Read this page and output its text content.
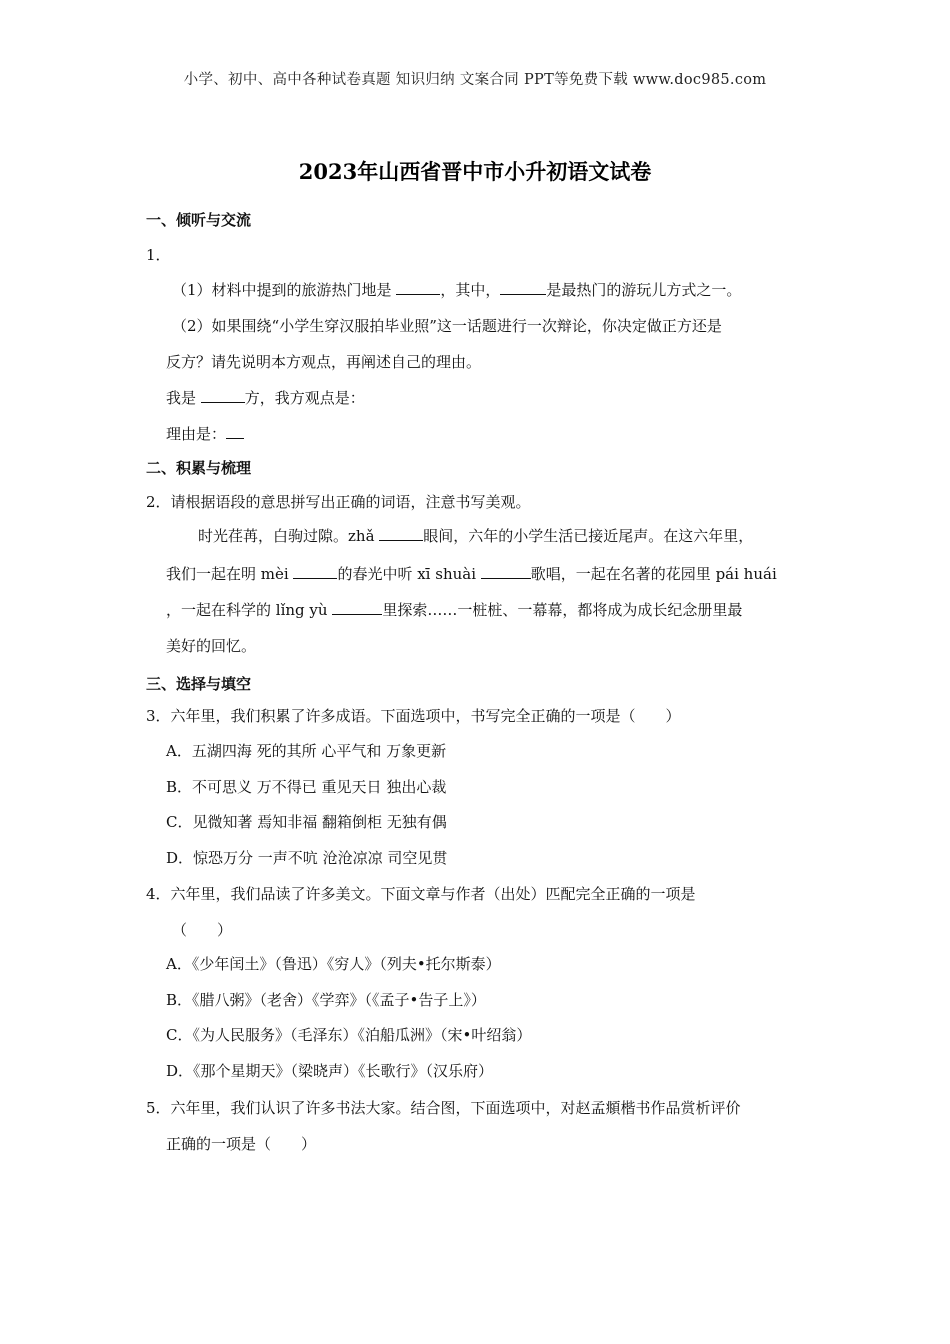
小学、初中、高中各种试卷真题 知识归纳 文案合同 PPT等免费下载 www.doc985.com
2023年山西省晋中市小升初语文试卷
一、倾听与交流
1．
（1）材料中提到的旅游热门地是	，其中，	是最热门的游玩儿方式之一。
（2）如果围绕“小学生穿汉服拍毕业照”这一话题进行一次辩论，你决定做正方还是
反方？请先说明本方观点，再阐述自己的理由。
我是	方，我方观点是：
理由是：
二、积累与梳理
2．请根据语段的意思拼写出正确的词语，注意书写美观。
时光荏苒，白驹过隙。zhǎ	眼间，六年的小学生活已接近尾声。在这六年里，
我们一起在明 mèi	的春光中听 xī shuài	歌唱，一起在名著的花园里 pái huái
，一起在科学的 lǐng yù	里探索……一桩桩、一幕幕，都将成为成长纪念册里最
美好的回忆。
三、选择与填空
3．六年里，我们积累了许多成语。下面选项中，书写完全正确的一项是（　　）
A．五湖四海 死的其所 心平气和 万象更新
B．不可思义 万不得已 重见天日 独出心裁
C．见微知著 焉知非福 翻箱倒柜 无独有偶
D．惊恐万分 一声不吭 沧沧凉凉 司空见贯
4．六年里，我们品读了许多美文。下面文章与作者（出处）匹配完全正确的一项是
（　　）
A．《少年闰土》（鲁迅）《穷人》（列夫•托尔斯泰）
B．《腊八粥》（老舍）《学弈》（《孟子•告子上》）
C．《为人民服务》（毛泽东）《泊船瓜洲》（宋•叶绍翁）
D．《那个星期天》（梁晓声）《长歌行》（汉乐府）
5．六年里，我们认识了许多书法大家。结合图，下面选项中，对赵孟頫楷书作品赏析评价
正确的一项是（　　）
